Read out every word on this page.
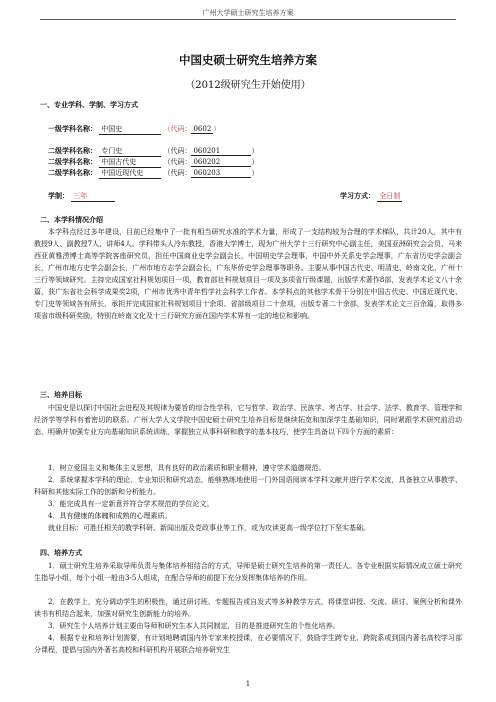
广州大学硕士研究生培养方案
中国史硕士研究生培养方案
（2012级研究生开始使用）
一、专业学科、学制、学习方式
一级学科名称： 中国史	（代码： 0602 ）
二级学科名称： 专门史	（代码： 060201	）
二级学科名称： 中国古代史	（代码： 060202	）
二级学科名称： 中国近现代史	（代码： 060203	）
学制： 三年	学习方式： 全日制
二、本学科情况介绍

本学科点经过多年建设，目前已经集中了一批有相当研究水准的学术力量，形成了一支结构较为合理的学术梯队，共计20人，其中有教授9人、副教授7人、讲师4人。学科带头人冷东教授，香港大学博士，现为广州大学十三行研究中心副主任，美国亚洲研究会会员、马来西亚黄雅涝博士高等学院客座研究员，担任中国商业史学会副会长，中国明史学会理事，中国中外关系史学会理事，广东省历史学会副会长，广州市地方史学会副会长，广州市地方志学会副会长，广东华侨史学会理事等职务。主要从事中国古代史、明清史、岭南文化、广州十三行等领域研究。主持完成国家社科规划项目一项，教育部社科规划项目一项及多项省厅级课题，出版学术著作8部，发表学术论文八十余篇，获广东省社会科学成果奖2项，广州市优秀中青年哲学社会科学工作者。本学科点的其他学术骨干分别在中国古代史、中国近现代史、专门史等领域各有所长，承担并完成国家社科规划项目十余项、省部级项目二十余项，出版专著二十余部，发表学术论文三百余篇，取得多项省市级科研奖励，特别在岭南文化及十三行研究方面在国内学术界有一定的地位和影响。

三、培养目标

中国史是以探讨中国社会进程及其规律为要旨的综合性学科，它与哲学、政治学、民族学、考古学、社会学、法学、教育学、管理学和经济学等学科有着密切的联系。广州大学人文学院中国史硕士研究生培养目标是继续拓宽和加深学生基础知识，同时紧跟学术研究前沿动态，明确并加强专业方向基础知识系统训练，掌握独立从事科研和教学的基本技巧，使学生具备以下四个方面的素质：

1．树立爱国主义和集体主义思想，具有良好的政治素质和职业精神，遵守学术道德规范。

2．系统掌握本学科的理论、专业知识和研究动态，能够熟练地使用一门外国语阅读本学科文献并进行学术交流，具备独立从事教学、科研和其他实际工作的创新和分析能力。

3．能完成具有一定新意并符合学术规范的学位论文。

4．具有健康的体魄和成熟的心理素质。

就业目标：可胜任相关的教学科研、新闻出版及党政事业等工作，或为攻读更高一级学位打下坚实基础。

四、培养方式

1．硕士研究生培养采取导师负责与集体培养相结合的方式，导师是硕士研究生培养的第一责任人。各专业根据实际情况成立硕士研究生指导小组，每个小组一般由3-5人组成，在配合导师的前提下充分发挥集体培养的作用。

2．在教学上，充分调动学生的积极性，通过研讨班、专题报告或自发式等多种教学方式，将课堂讲授、交流、研讨、案例分析和课外读书有机结合起来，加强对研究生创新能力的培养。

3．研究生个人培养计划主要由导师和研究生本人共同制定，目的是推进研究生的个性化培养。

4．根据专业和培养计划需要，有计划地聘请国内外专家来校授课，在必要情况下，鼓励学生跨专业、跨院系或到国内著名高校学习部分课程，提倡与国内外著名高校和科研机构开展联合培养研究生

1
